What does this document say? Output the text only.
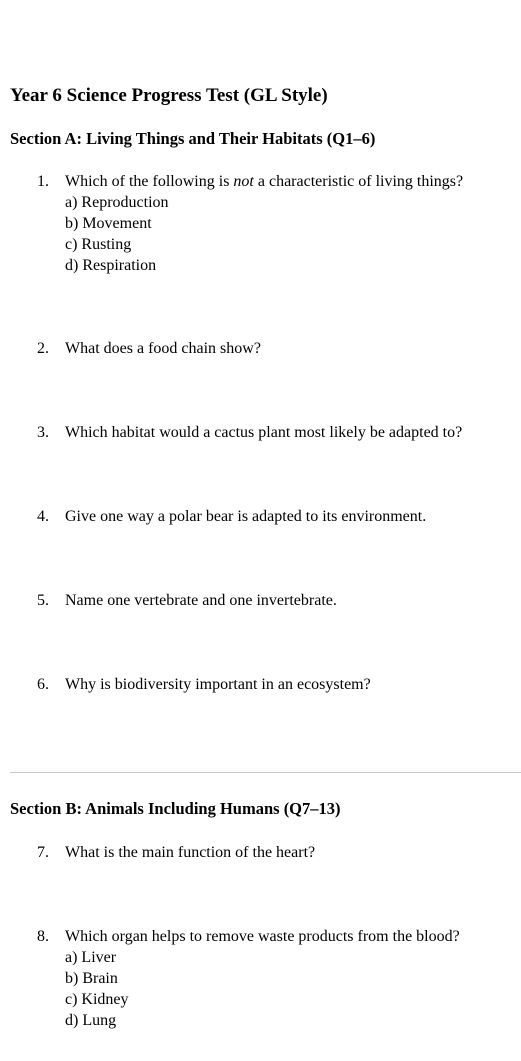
Year 6 Science Progress Test (GL Style)
Section A: Living Things and Their Habitats (Q1–6)
1. Which of the following is not a characteristic of living things?
a) Reproduction
b) Movement
c) Rusting
d) Respiration
2. What does a food chain show?
3. Which habitat would a cactus plant most likely be adapted to?
4. Give one way a polar bear is adapted to its environment.
5. Name one vertebrate and one invertebrate.
6. Why is biodiversity important in an ecosystem?
Section B: Animals Including Humans (Q7–13)
7. What is the main function of the heart?
8. Which organ helps to remove waste products from the blood?
a) Liver
b) Brain
c) Kidney
d) Lung
